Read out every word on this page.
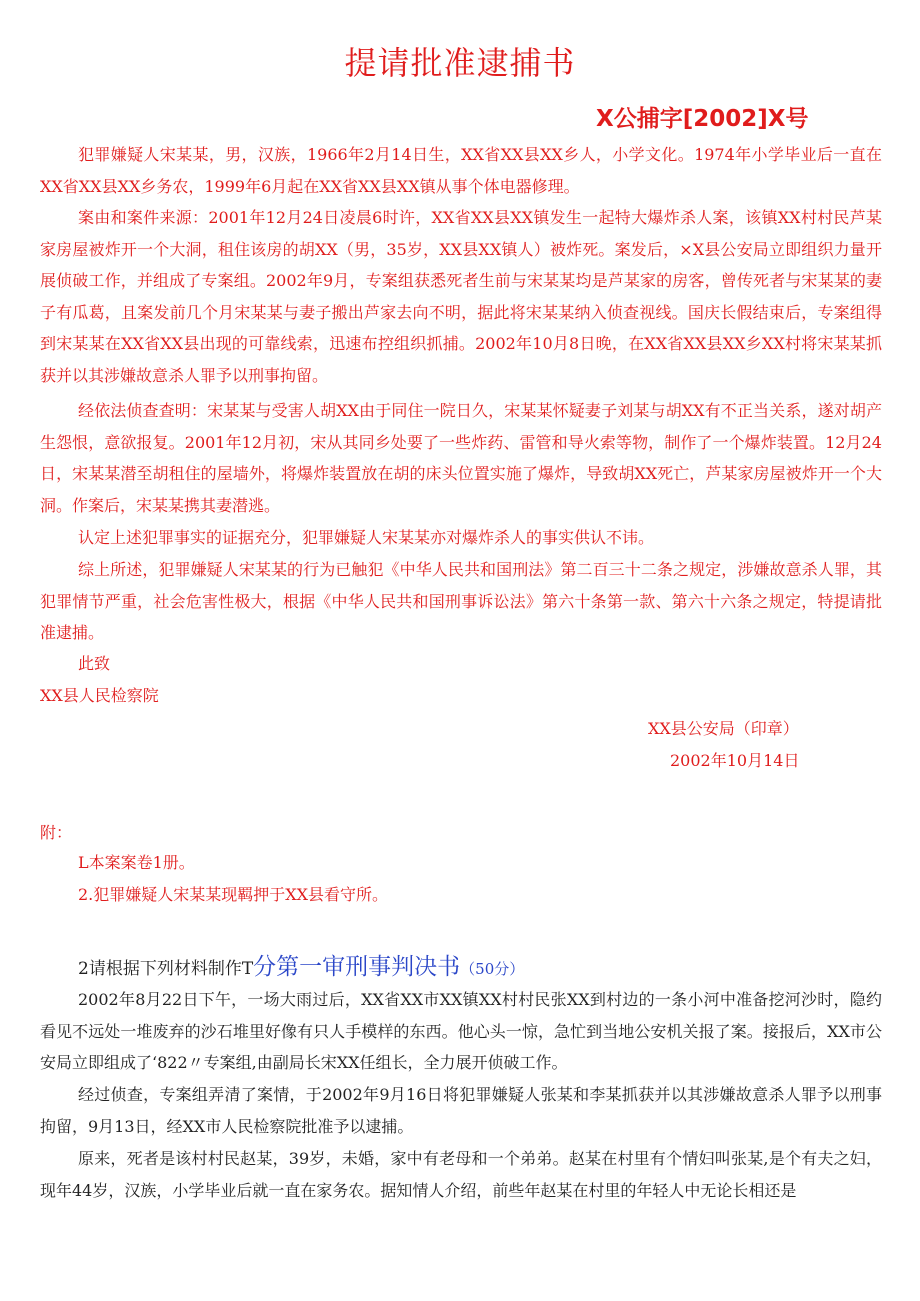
提请批准逮捕书
X公捕字[2002]X号
犯罪嫌疑人宋某某，男，汉族，1966年2月14日生，XX省XX县XX乡人，小学文化。1974年小学毕业后一直在XX省XX县XX乡务农，1999年6月起在XX省XX县XX镇从事个体电器修理。
案由和案件来源：2001年12月24日凌晨6时许，XX省XX县XX镇发生一起特大爆炸杀人案，该镇XX村村民芦某家房屋被炸开一个大洞，租住该房的胡XX（男，35岁，XX县XX镇人）被炸死。案发后，×X县公安局立即组织力量开展侦破工作，并组成了专案组。2002年9月，专案组获悉死者生前与宋某某均是芦某家的房客，曾传死者与宋某某的妻子有瓜葛，且案发前几个月宋某某与妻子搬出芦家去向不明，据此将宋某某纳入侦查视线。国庆长假结束后，专案组得到宋某某在XX省XX县出现的可靠线索，迅速布控组织抓捕。2002年10月8日晚，在XX省XX县XX乡XX村将宋某某抓获并以其涉嫌故意杀人罪予以刑事拘留。
经依法侦查查明：宋某某与受害人胡XX由于同住一院日久，宋某某怀疑妻子刘某与胡XX有不正当关系，遂对胡产生怨恨，意欲报复。2001年12月初，宋从其同乡处要了一些炸药、雷管和导火索等物，制作了一个爆炸装置。12月24日，宋某某潜至胡租住的屋墙外，将爆炸装置放在胡的床头位置实施了爆炸，导致胡XX死亡，芦某家房屋被炸开一个大洞。作案后，宋某某携其妻潜逃。
认定上述犯罪事实的证据充分，犯罪嫌疑人宋某某亦对爆炸杀人的事实供认不讳。
综上所述，犯罪嫌疑人宋某某的行为已触犯《中华人民共和国刑法》第二百三十二条之规定，涉嫌故意杀人罪，其犯罪情节严重，社会危害性极大，根据《中华人民共和国刑事诉讼法》第六十条第一款、第六十六条之规定，特提请批准逮捕。
此致
XX县人民检察院
XX县公安局（印章）
2002年10月14日
附：
L本案案卷1册。
2.犯罪嫌疑人宋某某现羁押于XX县看守所。
2请根据下列材料制作T分第一审刑事判决书（50分）
2002年8月22日下午，一场大雨过后，XX省XX市XX镇XX村村民张XX到村边的一条小河中准备挖河沙时，隐约看见不远处一堆废弃的沙石堆里好像有只人手模样的东西。他心头一惊，急忙到当地公安机关报了案。接报后，XX市公安局立即组成了‘822〃专案组,由副局长宋XX任组长，全力展开侦破工作。
经过侦查，专案组弄清了案情，于2002年9月16日将犯罪嫌疑人张某和李某抓获并以其涉嫌故意杀人罪予以刑事拘留，9月13日，经XX市人民检察院批准予以逮捕。
原来，死者是该村村民赵某，39岁，未婚，家中有老母和一个弟弟。赵某在村里有个情妇叫张某,是个有夫之妇，现年44岁，汉族，小学毕业后就一直在家务农。据知情人介绍，前些年赵某在村里的年轻人中无论长相还是
